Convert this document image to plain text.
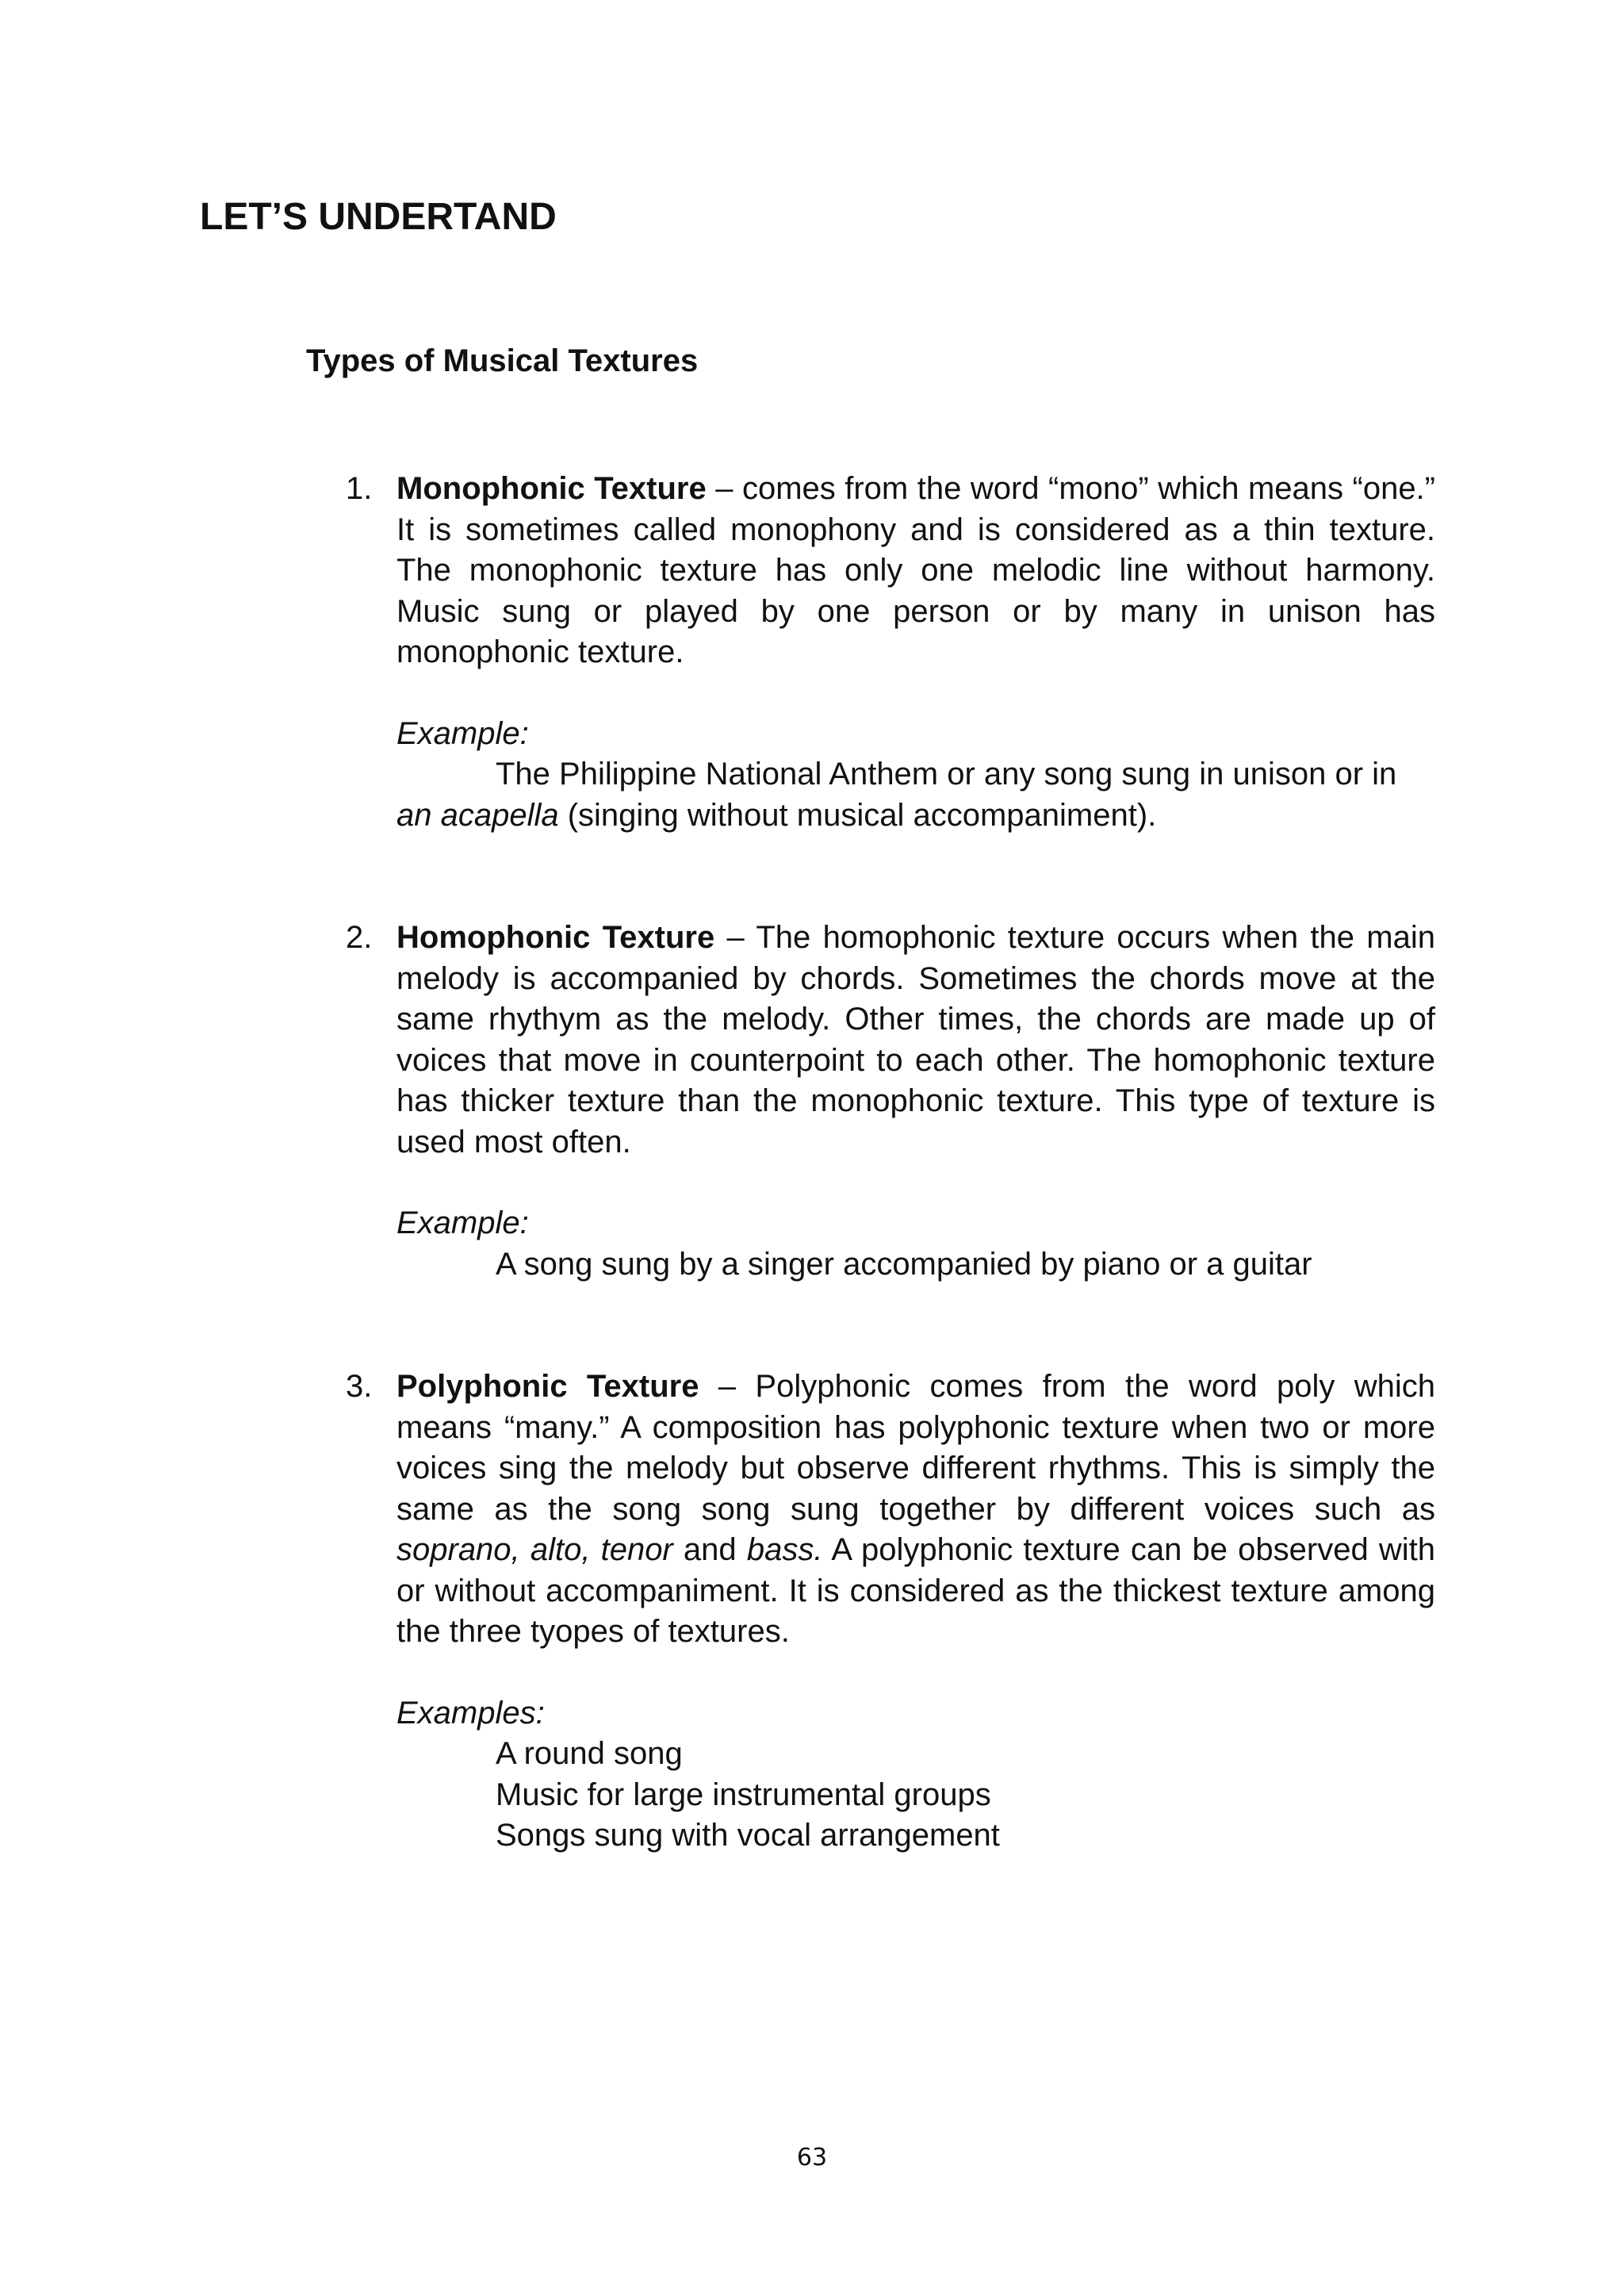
LET’S UNDERTAND
Types of Musical Textures
1. Monophonic Texture – comes from the word “mono” which means “one.” It is sometimes called monophony and is considered as a thin texture. The monophonic texture has only one melodic line without harmony. Music sung or played by one person or by many in unison has monophonic texture.
Example:
The Philippine National Anthem or any song sung in unison or in an acapella (singing without musical accompaniment).
2. Homophonic Texture – The homophonic texture occurs when the main melody is accompanied by chords. Sometimes the chords move at the same rhythym as the melody. Other times, the chords are made up of voices that move in counterpoint to each other. The homophonic texture has thicker texture than the monophonic texture. This type of texture is used most often.
Example:
A song sung by a singer accompanied by piano or a guitar
3. Polyphonic Texture – Polyphonic comes from the word poly which means “many.” A composition has polyphonic texture when two or more voices sing the melody but observe different rhythms. This is simply the same as the song song sung together by different voices such as soprano, alto, tenor and bass. A polyphonic texture can be observed with or without accompaniment. It is considered as the thickest texture among the three tyopes of textures.
Examples:
A round song
Music for large instrumental groups
Songs sung with vocal arrangement
63
